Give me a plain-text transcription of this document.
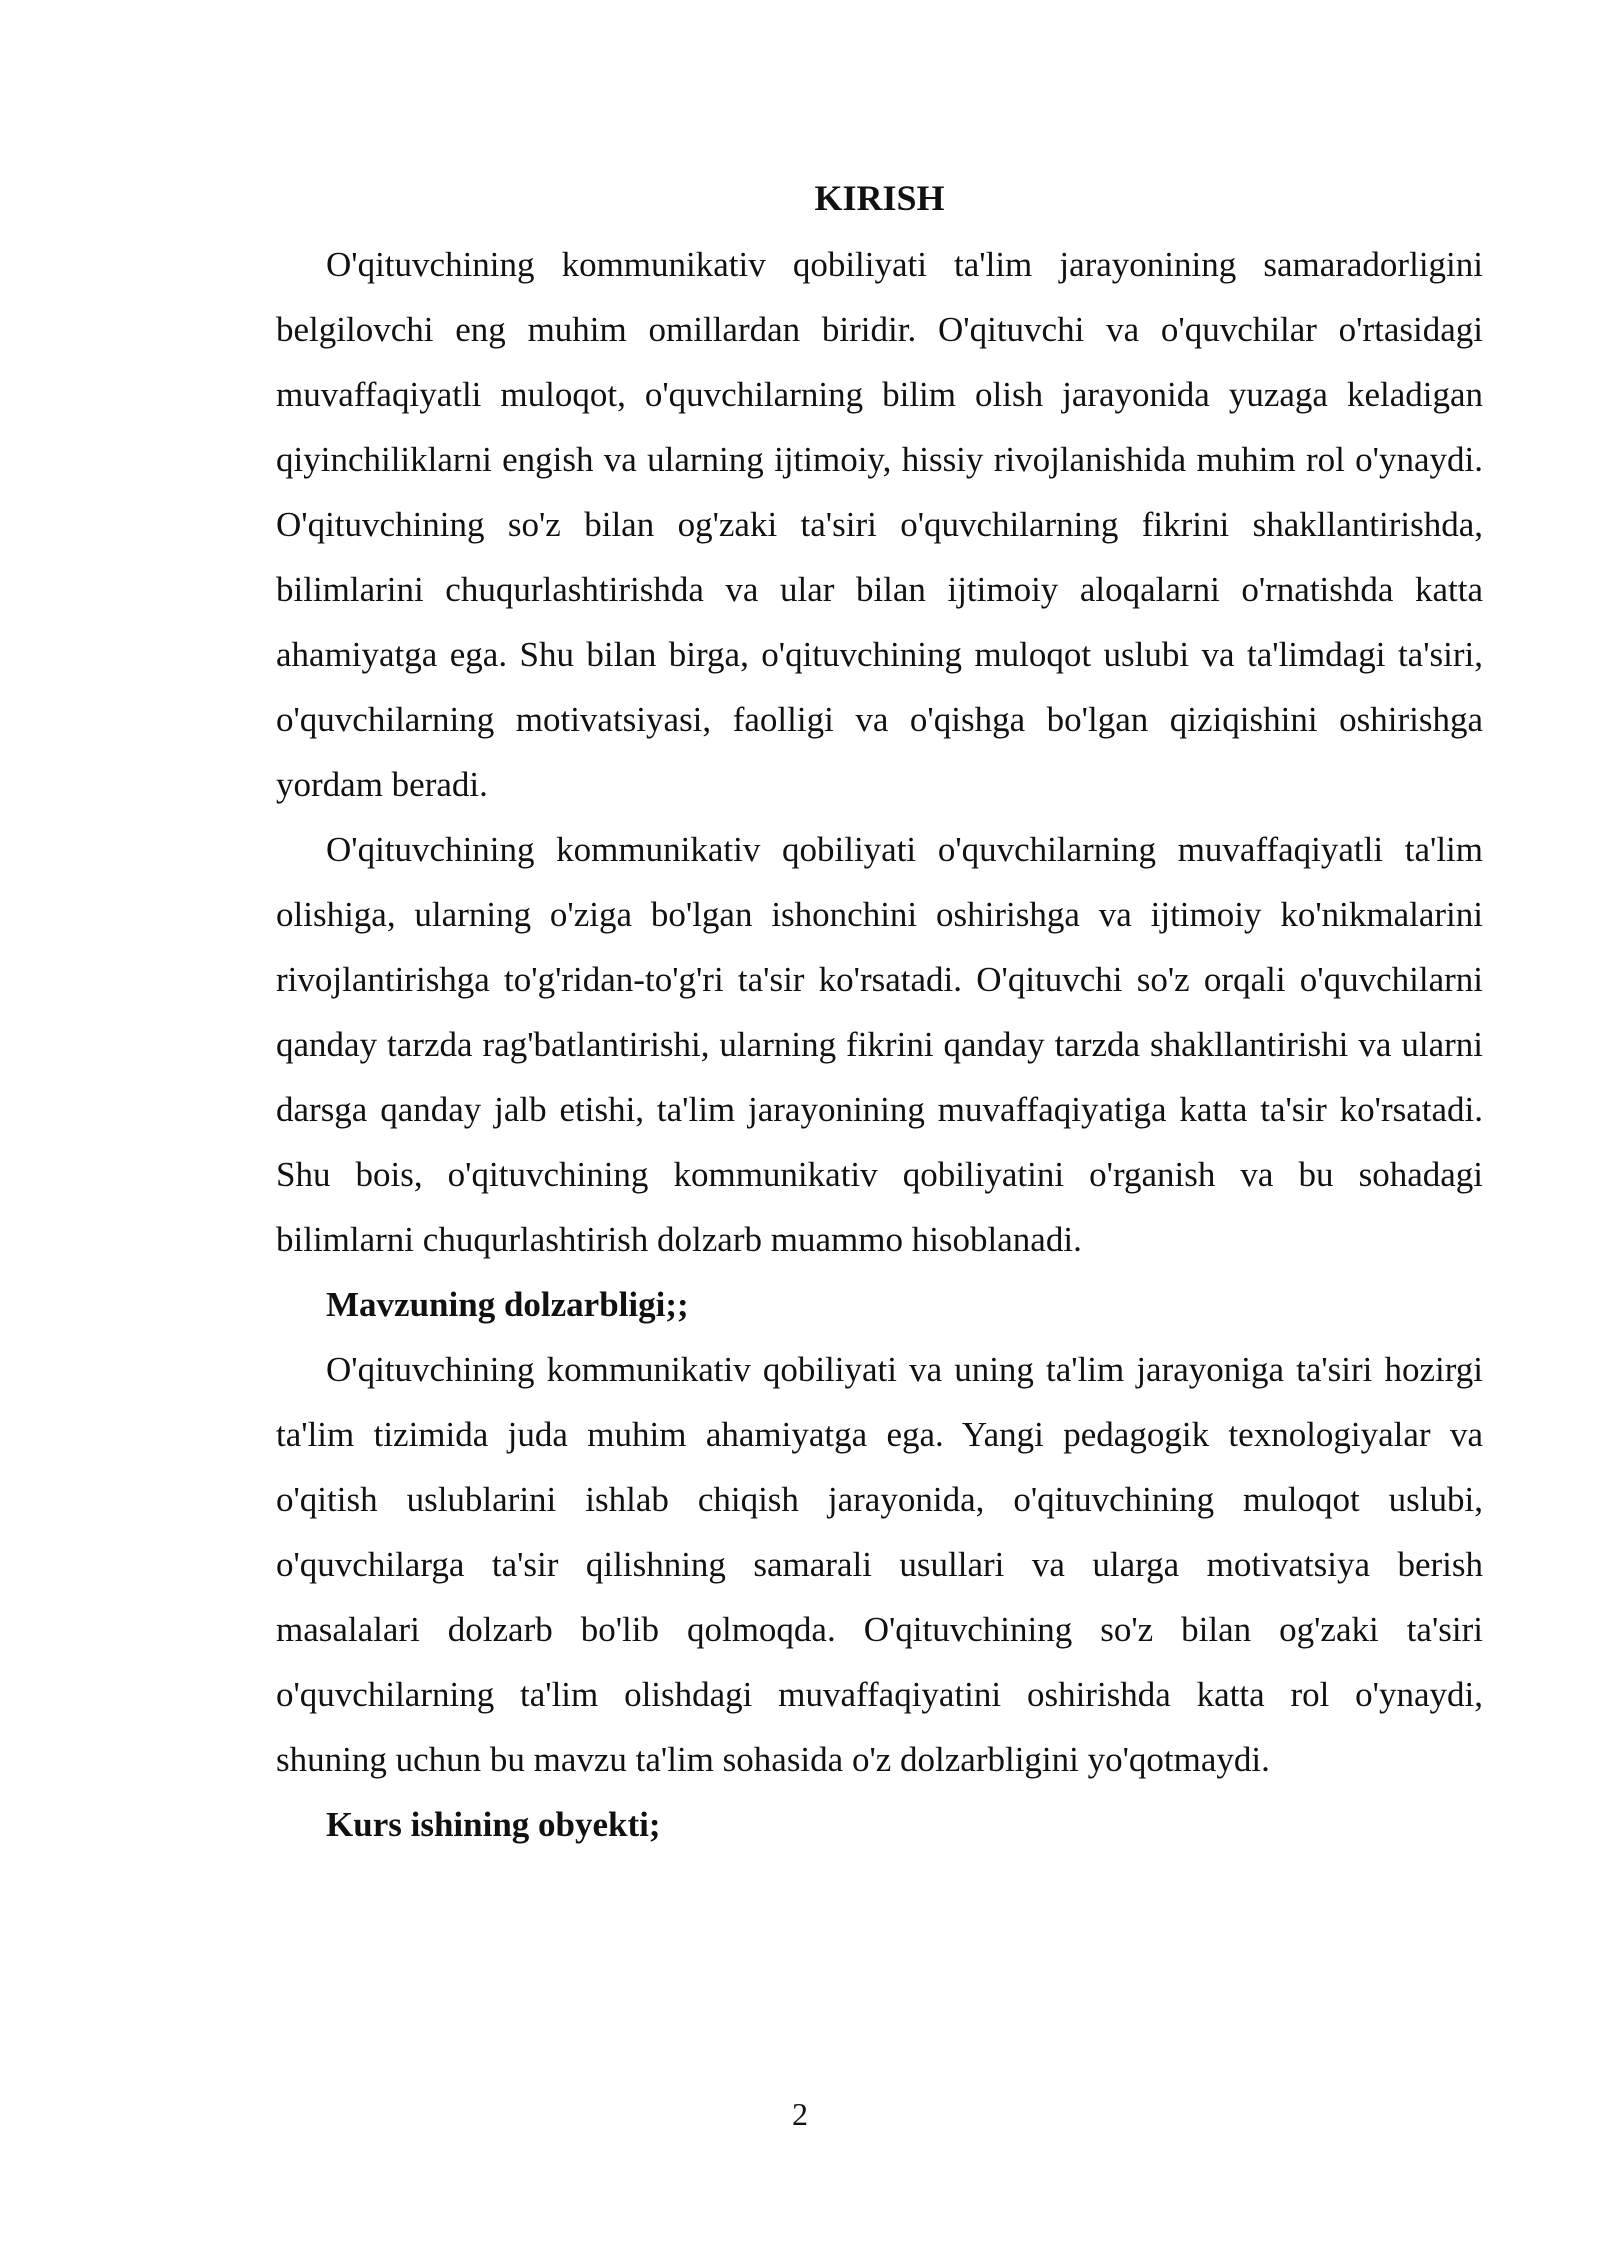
KIRISH

O'qituvchining kommunikativ qobiliyati ta'lim jarayonining samaradorligini belgilovchi eng muhim omillardan biridir. O'qituvchi va o'quvchilar o'rtasidagi muvaffaqiyatli muloqot, o'quvchilarning bilim olish jarayonida yuzaga keladigan qiyinchiliklarni engish va ularning ijtimoiy, hissiy rivojlanishida muhim rol o'ynaydi. O'qituvchining so'z bilan og'zaki ta'siri o'quvchilarning fikrini shakllantirishda, bilimlarini chuqurlashtirishda va ular bilan ijtimoiy aloqalarni o'rnatishda katta ahamiyatga ega. Shu bilan birga, o'qituvchining muloqot uslubi va ta'limdagi ta'siri, o'quvchilarning motivatsiyasi, faolligi va o'qishga bo'lgan qiziqishini oshirishga yordam beradi.

O'qituvchining kommunikativ qobiliyati o'quvchilarning muvaffaqiyatli ta'lim olishiga, ularning o'ziga bo'lgan ishonchini oshirishga va ijtimoiy ko'nikmalarini rivojlantirishga to'g'ridan-to'g'ri ta'sir ko'rsatadi. O'qituvchi so'z orqali o'quvchilarni qanday tarzda rag'batlantirishi, ularning fikrini qanday tarzda shakllantirishi va ularni darsga qanday jalb etishi, ta'lim jarayonining muvaffaqiyatiga katta ta'sir ko'rsatadi. Shu bois, o'qituvchining kommunikativ qobiliyatini o'rganish va bu sohadagi bilimlarni chuqurlashtirish dolzarb muammo hisoblanadi.

Mavzuning dolzarbligi;;

O'qituvchining kommunikativ qobiliyati va uning ta'lim jarayoniga ta'siri hozirgi ta'lim tizimida juda muhim ahamiyatga ega. Yangi pedagogik texnologiyalar va o'qitish uslublarini ishlab chiqish jarayonida, o'qituvchining muloqot uslubi, o'quvchilarga ta'sir qilishning samarali usullari va ularga motivatsiya berish masalalari dolzarb bo'lib qolmoqda. O'qituvchining so'z bilan og'zaki ta'siri o'quvchilarning ta'lim olishdagi muvaffaqiyatini oshirishda katta rol o'ynaydi, shuning uchun bu mavzu ta'lim sohasida o'z dolzarbligini yo'qotmaydi.

Kurs ishining obyekti;

2
